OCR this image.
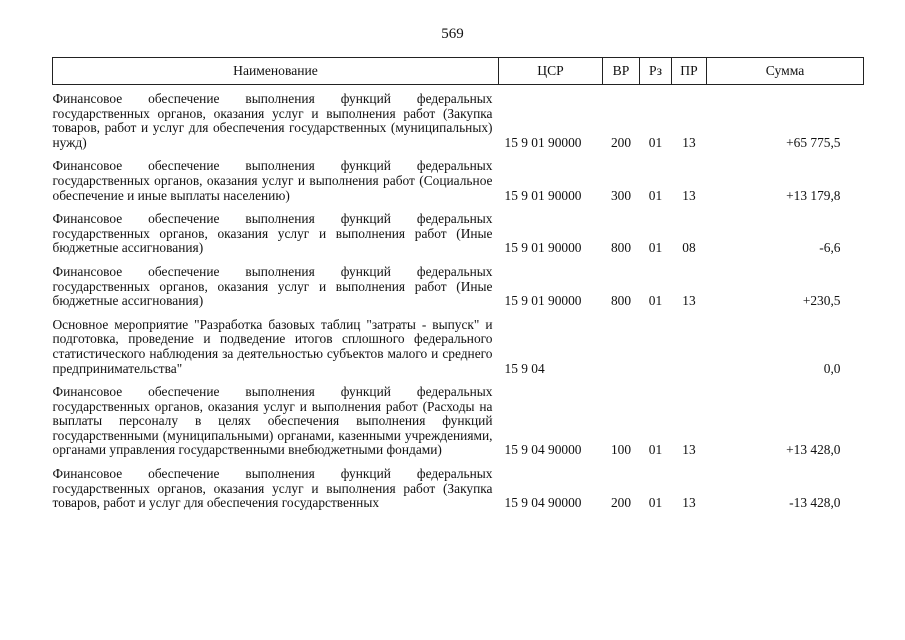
569
Наименование	ЦСР	ВР	Рз	ПР	Сумма

Финансовое обеспечение выполнения функций федеральных государственных органов, оказания услуг и выполнения работ (Закупка товаров, работ и услуг для обеспечения государственных (муниципальных) нужд)	15 9 01 90000	200	01	13	+65 775,5

Финансовое обеспечение выполнения функций федеральных государственных органов, оказания услуг и выполнения работ (Социальное обеспечение и иные выплаты населению)	15 9 01 90000	300	01	13	+13 179,8

Финансовое обеспечение выполнения функций федеральных государственных органов, оказания услуг и выполнения работ (Иные бюджетные ассигнования)	15 9 01 90000	800	01	08	-6,6

Финансовое обеспечение выполнения функций федеральных государственных органов, оказания услуг и выполнения работ (Иные бюджетные ассигнования)	15 9 01 90000	800	01	13	+230,5

Основное мероприятие "Разработка базовых таблиц "затраты - выпуск" и подготовка, проведение и подведение итогов сплошного федерального статистического наблюдения за деятельностью субъектов малого и среднего предпринимательства"	15 9 04				0,0

Финансовое обеспечение выполнения функций федеральных государственных органов, оказания услуг и выполнения работ (Расходы на выплаты персоналу в целях обеспечения выполнения функций государственными (муниципальными) органами, казенными учреждениями, органами управления государственными внебюджетными фондами)	15 9 04 90000	100	01	13	+13 428,0

Финансовое обеспечение выполнения функций федеральных государственных органов, оказания услуг и выполнения работ (Закупка товаров, работ и услуг для обеспечения государственных	15 9 04 90000	200	01	13	-13 428,0
